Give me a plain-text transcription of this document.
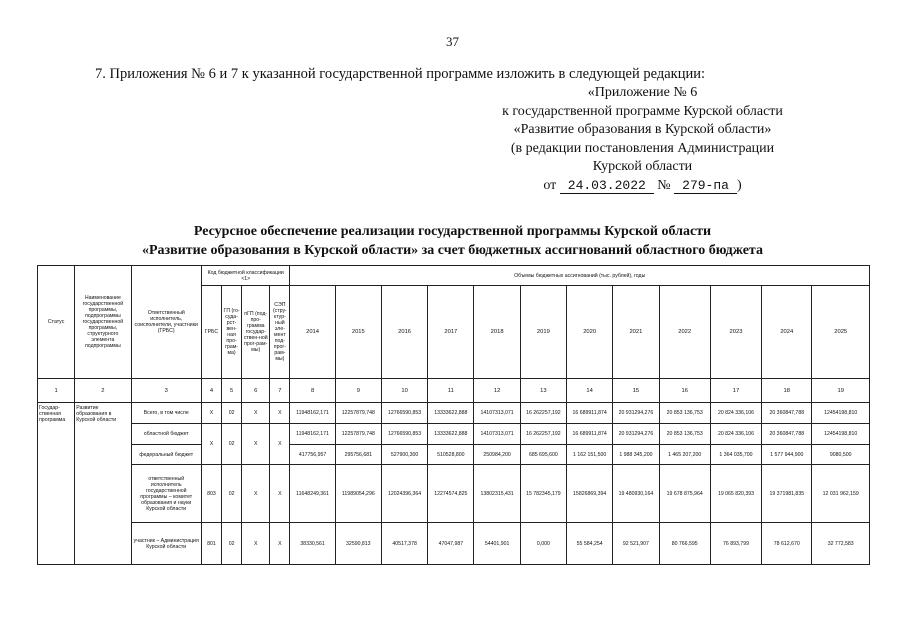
37
7. Приложения № 6 и 7 к указанной государственной программе изложить в следующей редакции:
«Приложение № 6
к государственной программе Курской области
«Развитие образования в Курской области»
(в редакции постановления Администрации
Курской области
от 24.03.2022 № 279-па )
Ресурсное обеспечение реализации государственной программы Курской области
«Развитие образования в Курской области» за счет бюджетных ассигнований областного бюджета
Статус	Наименование государственной программы, подпрограммы государственной программы, структурного элемента подпрограммы	Ответственный исполнитель, соисполнители, участники (ГРБС)	Код бюджетной классификации <1>				Объемы бюджетных ассигнований (тыс. рублей), годы											
			ГРБС	ГП (го-суда-рст-вен-ная про-грам-ма)	пГП (под-про-грамма государ-ствен-ной прог-рам-мы)	СЭП (стру-ктур-ный эле-мент под-прог-рам-мы)	2014	2015	2016	2017	2018	2019	2020	2021	2022	2023	2024	2025
1	2	3	4	5	6	7	8	9	10	11	12	13	14	15	16	17	18	19
Государ-ственная программа	Развитие образования в Курской области	Всего, в том числе	Х	02	Х	Х	11948162,171	12257879,748	12766590,853	13333622,888	14107313,071	16 262257,192	16 689911,874	20 931294,276	20 853 136,753	20 824 336,106	20 360847,788	12454198,810
		областной бюджет	Х	02	Х	Х	11948162,171	12257879,748	12766590,853	13333622,888	14107313,071	16 262257,192	16 689911,874	20 931294,276	20 853 136,753	20 824 336,106	20 360847,788	12454198,810
		федеральный бюджет					417756,957	295756,681	527900,300	510528,800	250984,200	685 695,600	1 162 151,500	1 988 345,200	1 465 207,200	1 364 035,700	1 577 944,900	9080,500
		ответственный исполнитель государственной программы – комитет образования и науки Курской области	803	02	Х	Х	11648249,361	11989054,296	12024396,364	12274574,825	13802315,431	15 782345,179	15826869,394	19 480930,164	19 678 875,964	19 065 820,393	19 371981,835	12 031 962,159
		участник – Администрация Курской области	801	02	Х	Х	38330,561	32590,813	40517,378	47047,987	54401,901	0,000	55 584,254	92 521,907	80 766,595	76 893,799	78 612,670	32 772,583
